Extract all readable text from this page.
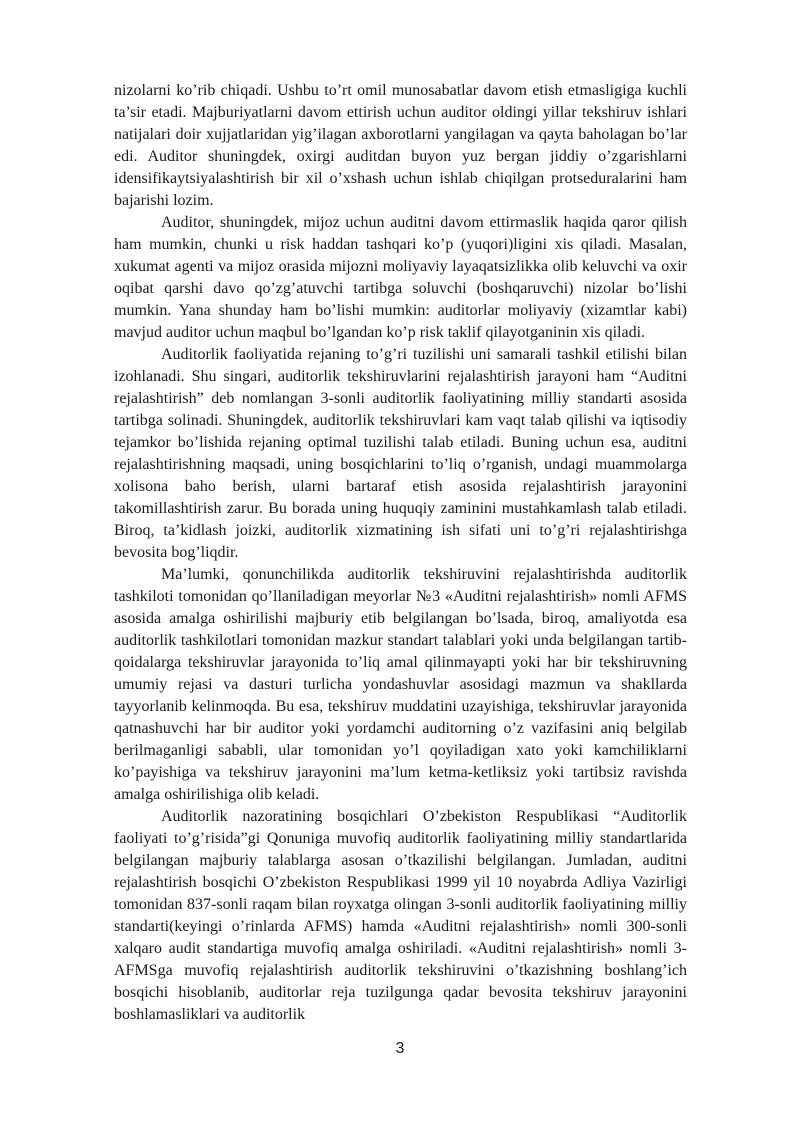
nizolarni ko’rib chiqadi. Ushbu to’rt omil munosabatlar davom etish etmasligiga kuchli ta’sir etadi. Majburiyatlarni davom ettirish uchun auditor oldingi yillar tekshiruv ishlari natijalari doir xujjatlaridan yig’ilagan axborotlarni yangilagan va qayta baholagan bo’lar edi. Auditor shuningdek, oxirgi auditdan buyon yuz bergan jiddiy o’zgarishlarni idensifikaytsiyalashtirish bir xil o’xshash uchun ishlab chiqilgan protseduralarini ham bajarishi lozim.

Auditor, shuningdek, mijoz uchun auditni davom ettirmaslik haqida qaror qilish ham mumkin, chunki u risk haddan tashqari ko’p (yuqori)ligini xis qiladi. Masalan, xukumat agenti va mijoz orasida mijozni moliyaviy layaqatsizlikka olib keluvchi va oxir oqibat qarshi davo qo’zg’atuvchi tartibga soluvchi (boshqaruvchi) nizolar bo’lishi mumkin. Yana shunday ham bo’lishi mumkin: auditorlar moliyaviy (xizamtlar kabi) mavjud auditor uchun maqbul bo’lgandan ko’p risk taklif qilayotganinin xis qiladi.

Auditorlik faoliyatida rejaning to’g’ri tuzilishi uni samarali tashkil etilishi bilan izohlanadi. Shu singari, auditorlik tekshiruvlarini rejalashtirish jarayoni ham “Auditni rejalashtirish” deb nomlangan 3-sonli auditorlik faoliyatining milliy standarti asosida tartibga solinadi. Shuningdek, auditorlik tekshiruvlari kam vaqt talab qilishi va iqtisodiy tejamkor bo’lishida rejaning optimal tuzilishi talab etiladi. Buning uchun esa, auditni rejalashtirishning maqsadi, uning bosqichlarini to’liq o’rganish, undagi muammolarga xolisona baho berish, ularni bartaraf etish asosida rejalashtirish jarayonini takomillashtirish zarur. Bu borada uning huquqiy zaminini mustahkamlash talab etiladi. Biroq, ta’kidlash joizki, auditorlik xizmatining ish sifati uni to’g’ri rejalashtirishga bevosita bog’liqdir.

Ma’lumki, qonunchilikda auditorlik tekshiruvini rejalashtirishda auditorlik tashkiloti tomonidan qo’llaniladigan meyorlar №3 «Auditni rejalashtirish» nomli AFMS asosida amalga oshirilishi majburiy etib belgilangan bo’lsada, biroq, amaliyotda esa auditorlik tashkilotlari tomonidan mazkur standart talablari yoki unda belgilangan tartib-qoidalarga tekshiruvlar jarayonida to’liq amal qilinmayapti yoki har bir tekshiruvning umumiy rejasi va dasturi turlicha yondashuvlar asosidagi mazmun va shakllarda tayyorlanib kelinmoqda. Bu esa, tekshiruv muddatini uzayishiga, tekshiruvlar jarayonida qatnashuvchi har bir auditor yoki yordamchi auditorning o’z vazifasini aniq belgilab berilmaganligi sababli, ular tomonidan yo’l qoyiladigan xato yoki kamchiliklarni ko’payishiga va tekshiruv jarayonini ma’lum ketma-ketliksiz yoki tartibsiz ravishda amalga oshirilishiga olib keladi.

Auditorlik nazoratining bosqichlari O’zbekiston Respublikasi “Auditorlik faoliyati to’g’risida”gi Qonuniga muvofiq auditorlik faoliyatining milliy standartlarida belgilangan majburiy talablarga asosan o’tkazilishi belgilangan. Jumladan, auditni rejalashtirish bosqichi O’zbekiston Respublikasi 1999 yil 10 noyabrda Adliya Vazirligi tomonidan 837-sonli raqam bilan royxatga olingan 3-sonli auditorlik faoliyatining milliy standarti(keyingi o’rinlarda AFMS) hamda «Auditni rejalashtirish» nomli 300-sonli xalqaro audit standartiga muvofiq amalga oshiriladi. «Auditni rejalashtirish» nomli 3-AFMSga muvofiq rejalashtirish auditorlik tekshiruvini o’tkazishning boshlang’ich bosqichi hisoblanib, auditorlar reja tuzilgunga qadar bevosita tekshiruv jarayonini boshlamasliklari va auditorlik

3
